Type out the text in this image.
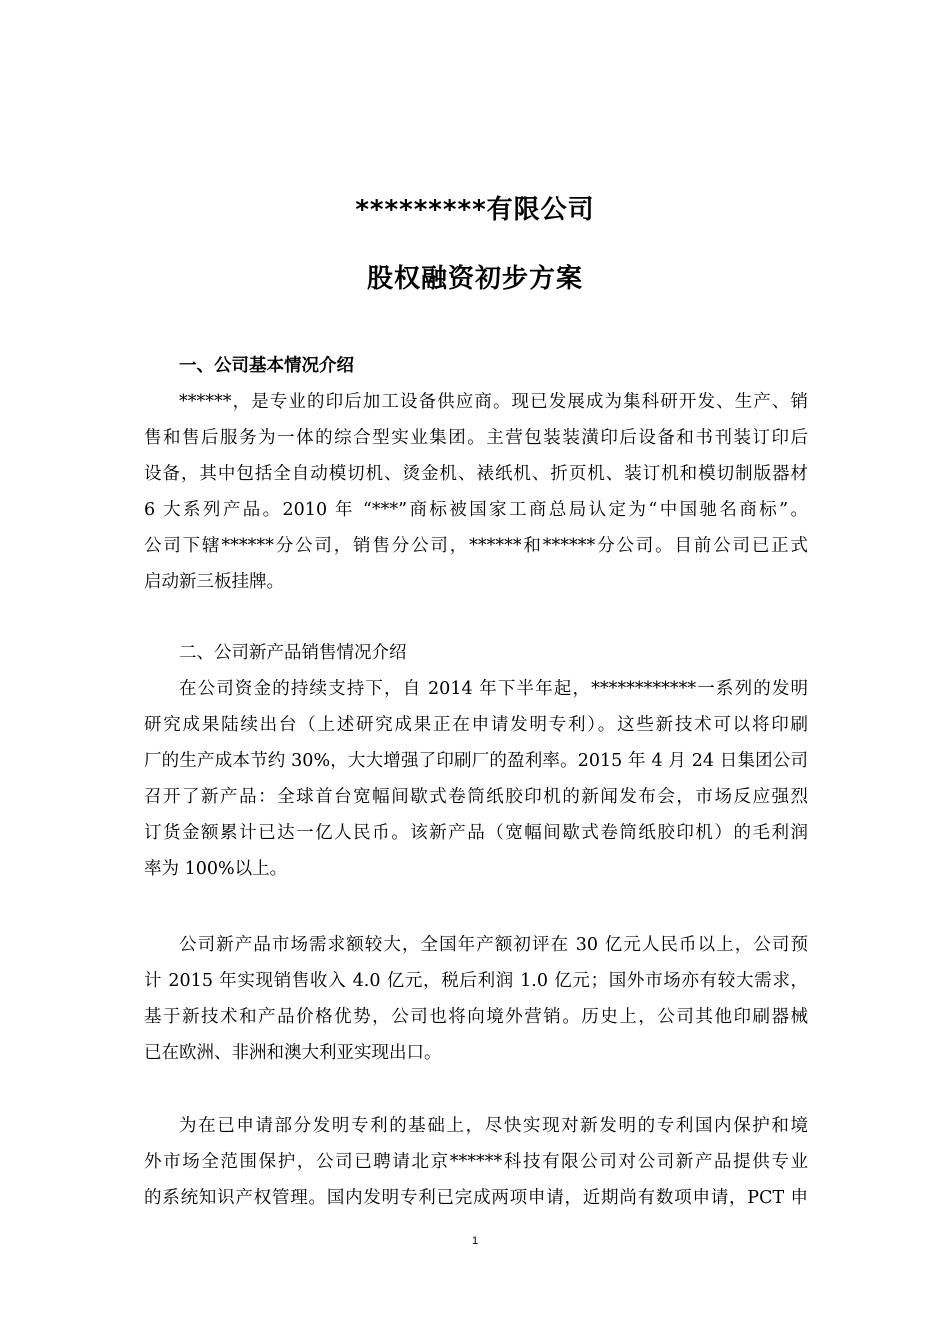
*********有限公司
股权融资初步方案
一、公司基本情况介绍
******，是专业的印后加工设备供应商。现已发展成为集科研开发、生产、销
售和售后服务为一体的综合型实业集团。主营包装装潢印后设备和书刊装订印后
设备，其中包括全自动模切机、烫金机、裱纸机、折页机、装订机和模切制版器材
6 大系列产品。2010 年 “***”商标被国家工商总局认定为“中国驰名商标”。
公司下辖******分公司，销售分公司，******和******分公司。目前公司已正式
启动新三板挂牌。
二、公司新产品销售情况介绍
在公司资金的持续支持下，自 2014 年下半年起，************一系列的发明
研究成果陆续出台（上述研究成果正在申请发明专利）。这些新技术可以将印刷
厂的生产成本节约 30%，大大增强了印刷厂的盈利率。2015 年 4 月 24 日集团公司
召开了新产品：全球首台宽幅间歇式卷筒纸胶印机的新闻发布会，市场反应强烈
订货金额累计已达一亿人民币。该新产品（宽幅间歇式卷筒纸胶印机）的毛利润
率为 100%以上。
公司新产品市场需求额较大，全国年产额初评在 30 亿元人民币以上，公司预
计 2015 年实现销售收入 4.0 亿元，税后利润 1.0 亿元；国外市场亦有较大需求，
基于新技术和产品价格优势，公司也将向境外营销。历史上，公司其他印刷器械
已在欧洲、非洲和澳大利亚实现出口。
为在已申请部分发明专利的基础上，尽快实现对新发明的专利国内保护和境
外市场全范围保护，公司已聘请北京******科技有限公司对公司新产品提供专业
的系统知识产权管理。国内发明专利已完成两项申请，近期尚有数项申请，PCT 申
1
